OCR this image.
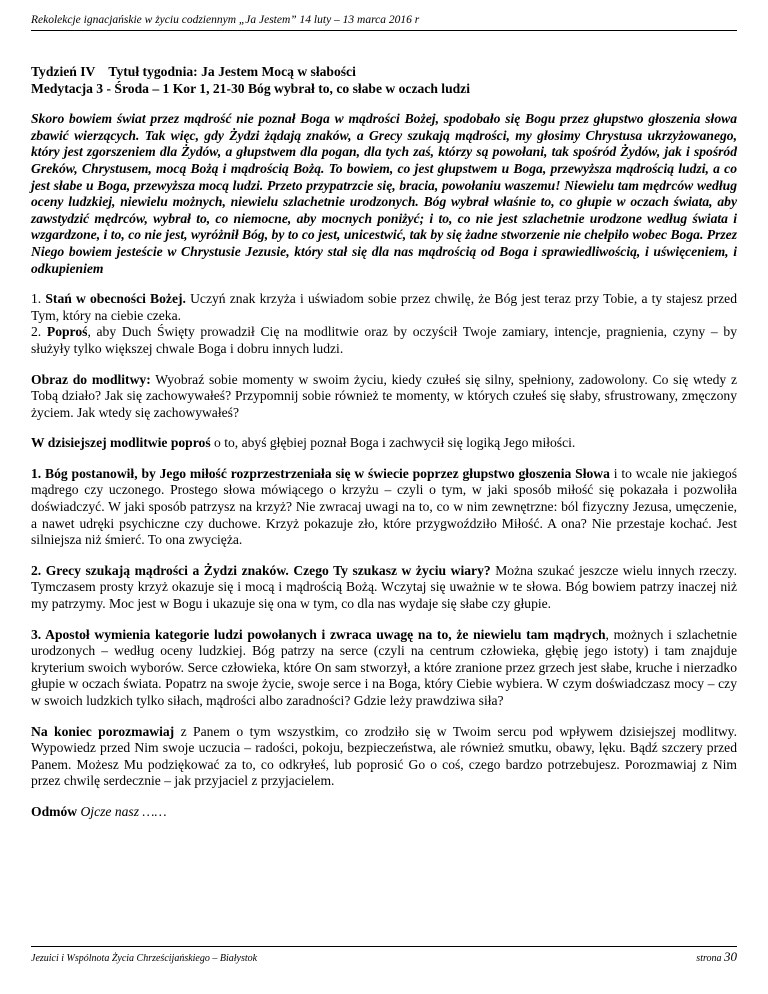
Rekolekcje ignacjańskie w życiu codziennym „Ja Jestem” 14 luty – 13 marca 2016 r

Tydzień IV    Tytuł tygodnia: Ja Jestem Mocą w słabości

Medytacja 3 - Środa – 1 Kor 1, 21-30 Bóg wybrał to, co słabe w oczach ludzi

Skoro bowiem świat przez mądrość nie poznał Boga w mądrości Bożej, spodobało się Bogu przez głupstwo głoszenia słowa zbawić wierzących. Tak więc, gdy Żydzi żądają znaków, a Grecy szukają mądrości, my głosimy Chrystusa ukrzyżowanego, który jest zgorszeniem dla Żydów, a głupstwem dla pogan, dla tych zaś, którzy są powołani, tak spośród Żydów, jak i spośród Greków, Chrystusem, mocą Bożą i mądrością Bożą. To bowiem, co jest głupstwem u Boga, przewyższa mądrością ludzi, a co jest słabe u Boga, przewyższa mocą ludzi. Przeto przypatrzcie się, bracia, powołaniu waszemu! Niewielu tam mędrców według oceny ludzkiej, niewielu możnych, niewielu szlachetnie urodzonych. Bóg wybrał właśnie to, co głupie w oczach świata, aby zawstydzić mędrców, wybrał to, co niemocne, aby mocnych poniżyć; i to, co nie jest szlachetnie urodzone według świata i wzgardzone, i to, co nie jest, wyróżnił Bóg, by to co jest, unicestwić, tak by się żadne stworzenie nie chełpiło wobec Boga. Przez Niego bowiem jesteście w Chrystusie Jezusie, który stał się dla nas mądrością od Boga i sprawiedliwością, i uświęceniem, i odkupieniem

1. Stań w obecności Bożej. Uczyń znak krzyża i uświadom sobie przez chwilę, że Bóg jest teraz przy Tobie, a ty stajesz przed Tym, który na ciebie czeka.

2. Poproś, aby Duch Święty prowadził Cię na modlitwie oraz by oczyścił Twoje zamiary, intencje, pragnienia, czyny – by służyły tylko większej chwale Boga i dobru innych ludzi.

Obraz do modlitwy: Wyobraź sobie momenty w swoim życiu, kiedy czułeś się silny, spełniony, zadowolony. Co się wtedy z Tobą działo? Jak się zachowywałeś? Przypomnij sobie również te momenty, w których czułeś się słaby, sfrustrowany, zmęczony życiem. Jak wtedy się zachowywałeś?

W dzisiejszej modlitwie poproś o to, abyś głębiej poznał Boga i zachwycił się logiką Jego miłości.

1. Bóg postanowił, by Jego miłość rozprzestrzeniała się w świecie poprzez głupstwo głoszenia Słowa i to wcale nie jakiegoś mądrego czy uczonego. Prostego słowa mówiącego o krzyżu – czyli o tym, w jaki sposób miłość się pokazała i pozwoliła doświadczyć. W jaki sposób patrzysz na krzyż? Nie zwracaj uwagi na to, co w nim zewnętrzne: ból fizyczny Jezusa, umęczenie, a nawet udręki psychiczne czy duchowe. Krzyż pokazuje zło, które przygwoździło Miłość. A ona? Nie przestaje kochać. Jest silniejsza niż śmierć. To ona zwycięża.

2. Grecy szukają mądrości a Żydzi znaków. Czego Ty szukasz w życiu wiary? Można szukać jeszcze wielu innych rzeczy. Tymczasem prosty krzyż okazuje się i mocą i mądrością Bożą. Wczytaj się uważnie w te słowa. Bóg bowiem patrzy inaczej niż my patrzymy. Moc jest w Bogu i ukazuje się ona w tym, co dla nas wydaje się słabe czy głupie.

3. Apostoł wymienia kategorie ludzi powołanych i zwraca uwagę na to, że niewielu tam mądrych, możnych i szlachetnie urodzonych – według oceny ludzkiej. Bóg patrzy na serce (czyli na centrum człowieka, głębię jego istoty) i tam znajduje kryterium swoich wyborów. Serce człowieka, które On sam stworzył, a które zranione przez grzech jest słabe, kruche i nierzadko głupie w oczach świata. Popatrz na swoje życie, swoje serce i na Boga, który Ciebie wybiera. W czym doświadczasz mocy – czy w swoich ludzkich tylko siłach, mądrości albo zaradności? Gdzie leży prawdziwa siła?

Na koniec porozmawiaj z Panem o tym wszystkim, co zrodziło się w Twoim sercu pod wpływem dzisiejszej modlitwy. Wypowiedz przed Nim swoje uczucia – radości, pokoju, bezpieczeństwa, ale również smutku, obawy, lęku. Bądź szczery przed Panem. Możesz Mu podziękować za to, co odkryłeś, lub poprosić Go o coś, czego bardzo potrzebujesz. Porozmawiaj z Nim przez chwilę serdecznie – jak przyjaciel z przyjacielem.

Odmów Ojcze nasz ……

Jezuici i Wspólnota Życia Chrześcijańskiego – Białystok	strona 30
